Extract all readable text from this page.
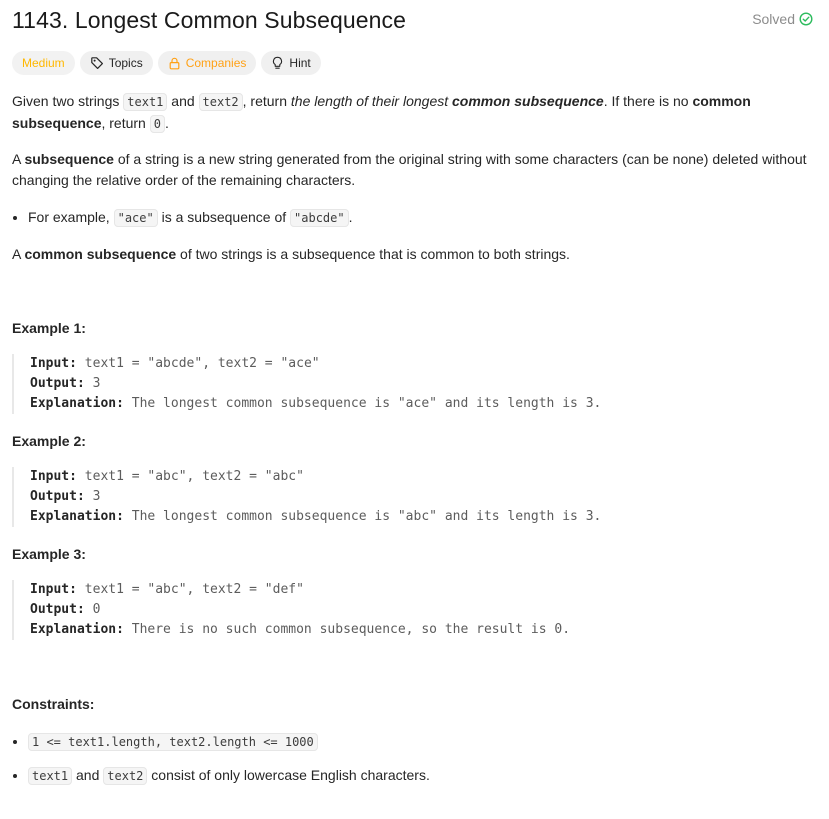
1143. Longest Common Subsequence	Solved
Medium	Topics	Companies	Hint

Given two strings text1 and text2 , return the length of their longest common subsequence. If there is no common subsequence, return 0 .

A subsequence of a string is a new string generated from the original string with some characters (can be none) deleted without changing the relative order of the remaining characters.

• For example, "ace" is a subsequence of "abcde" .

A common subsequence of two strings is a subsequence that is common to both strings.

Example 1:
Input: text1 = "abcde", text2 = "ace"
Output: 3
Explanation: The longest common subsequence is "ace" and its length is 3.
Example 2:
Input: text1 = "abc", text2 = "abc"
Output: 3
Explanation: The longest common subsequence is "abc" and its length is 3.
Example 3:
Input: text1 = "abc", text2 = "def"
Output: 0
Explanation: There is no such common subsequence, so the result is 0.
Constraints:
• 1 <= text1.length, text2.length <= 1000
• text1 and text2 consist of only lowercase English characters.
